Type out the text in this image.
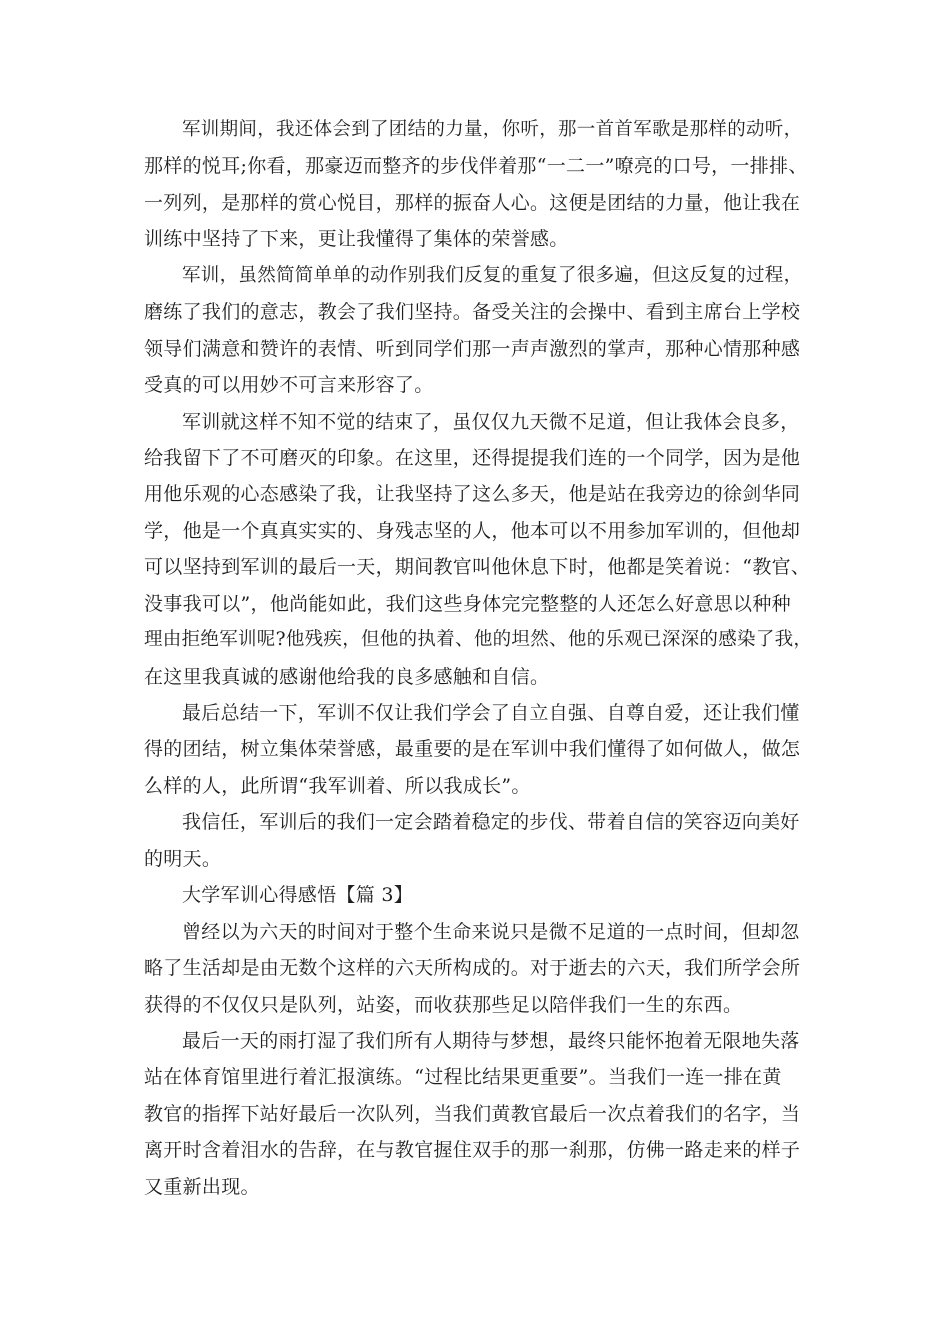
军训期间，我还体会到了团结的力量，你听，那一首首军歌是那样的动听，
那样的悦耳;你看，那豪迈而整齐的步伐伴着那“一二一”嘹亮的口号，一排排、
一列列，是那样的赏心悦目，那样的振奋人心。这便是团结的力量，他让我在
训练中坚持了下来，更让我懂得了集体的荣誉感。
军训，虽然简简单单的动作别我们反复的重复了很多遍，但这反复的过程，
磨练了我们的意志，教会了我们坚持。备受关注的会操中、看到主席台上学校
领导们满意和赞许的表情、听到同学们那一声声激烈的掌声，那种心情那种感
受真的可以用妙不可言来形容了。
军训就这样不知不觉的结束了，虽仅仅九天微不足道，但让我体会良多，
给我留下了不可磨灭的印象。在这里，还得提提我们连的一个同学，因为是他
用他乐观的心态感染了我，让我坚持了这么多天，他是站在我旁边的徐剑华同
学，他是一个真真实实的、身残志坚的人，他本可以不用参加军训的，但他却
可以坚持到军训的最后一天，期间教官叫他休息下时，他都是笑着说：“教官、
没事我可以”，他尚能如此，我们这些身体完完整整的人还怎么好意思以种种
理由拒绝军训呢?他残疾，但他的执着、他的坦然、他的乐观已深深的感染了我，
在这里我真诚的感谢他给我的良多感触和自信。
最后总结一下，军训不仅让我们学会了自立自强、自尊自爱，还让我们懂
得的团结，树立集体荣誉感，最重要的是在军训中我们懂得了如何做人，做怎
么样的人，此所谓“我军训着、所以我成长”。
我信任，军训后的我们一定会踏着稳定的步伐、带着自信的笑容迈向美好
的明天。
大学军训心得感悟【篇 3】
曾经以为六天的时间对于整个生命来说只是微不足道的一点时间，但却忽
略了生活却是由无数个这样的六天所构成的。对于逝去的六天，我们所学会所
获得的不仅仅只是队列，站姿，而收获那些足以陪伴我们一生的东西。
最后一天的雨打湿了我们所有人期待与梦想，最终只能怀抱着无限地失落
站在体育馆里进行着汇报演练。“过程比结果更重要”。当我们一连一排在黄
教官的指挥下站好最后一次队列，当我们黄教官最后一次点着我们的名字，当
离开时含着泪水的告辞，在与教官握住双手的那一刹那，仿佛一路走来的样子
又重新出现。
